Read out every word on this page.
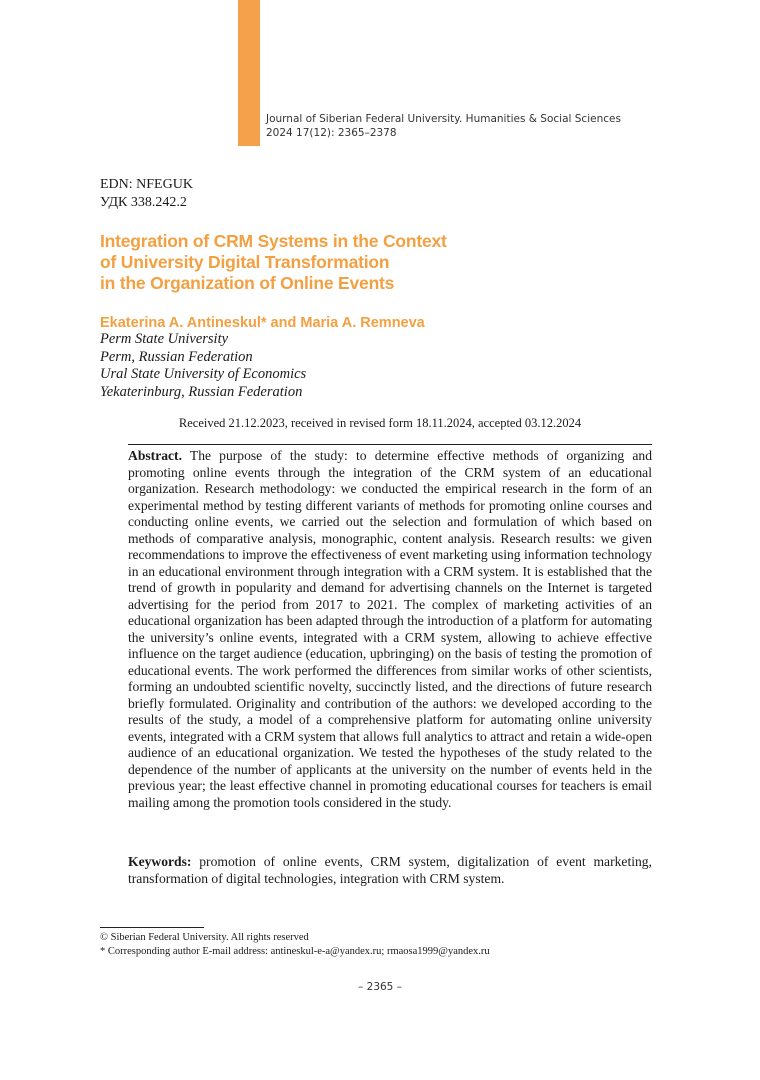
Journal of Siberian Federal University. Humanities & Social Sciences
2024 17(12): 2365–2378
EDN: NFEGUK
УДК 338.242.2
Integration of CRM Systems in the Context
of University Digital Transformation
in the Organization of Online Events
Ekaterina A. Antineskul* and Maria A. Remneva
Perm State University
Perm, Russian Federation
Ural State University of Economics
Yekaterinburg, Russian Federation
Received 21.12.2023, received in revised form 18.11.2024, accepted 03.12.2024

Abstract. The purpose of the study: to determine effective methods of organizing and promoting online events through the integration of the CRM system of an educational organization. Research methodology: we conducted the empirical research in the form of an experimental method by testing different variants of methods for promoting online courses and conducting online events, we carried out the selection and formulation of which based on methods of comparative analysis, monographic, content analysis. Research results: we given recommendations to improve the effectiveness of event marketing using information technology in an educational environment through integration with a CRM system. It is established that the trend of growth in popularity and demand for advertising channels on the Internet is targeted advertising for the period from 2017 to 2021. The complex of marketing activities of an educational organization has been adapted through the introduction of a platform for automating the university’s online events, integrated with a CRM system, allowing to achieve effective influence on the target audience (education, upbringing) on the basis of testing the promotion of educational events. The work performed the differences from similar works of other scientists, forming an undoubted scientific novelty, succinctly listed, and the directions of future research briefly formulated. Originality and contribution of the authors: we developed according to the results of the study, a model of a comprehensive platform for automating online university events, integrated with a CRM system that allows full analytics to attract and retain a wide-open audience of an educational organization. We tested the hypotheses of the study related to the dependence of the number of applicants at the university on the number of events held in the previous year; the least effective channel in promoting educational courses for teachers is email mailing among the promotion tools considered in the study.

Keywords: promotion of online events, CRM system, digitalization of event marketing, transformation of digital technologies, integration with CRM system.

© Siberian Federal University. All rights reserved
* Corresponding author E-mail address: antineskul-e-a@yandex.ru; rmaosa1999@yandex.ru
– 2365 –
